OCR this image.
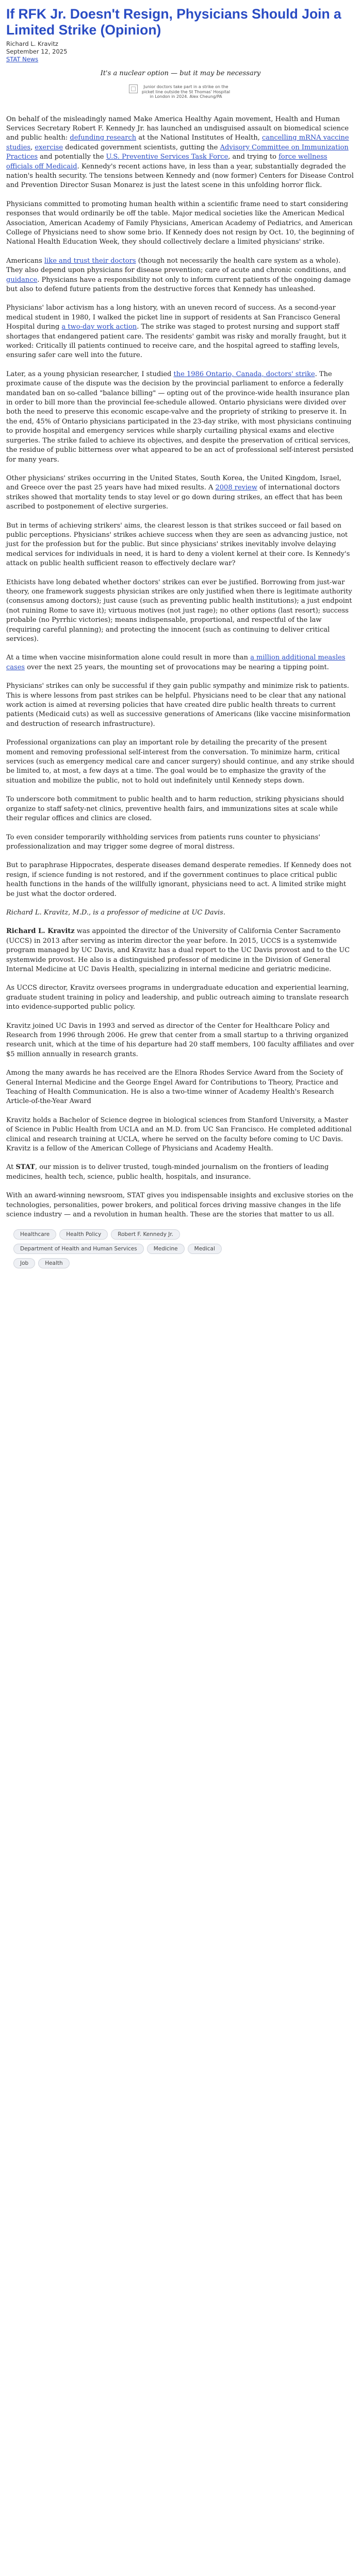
If RFK Jr. Doesn't Resign, Physicians Should Join a Limited Strike (Opinion)
Richard L. Kravitz
September 12, 2025
STAT News
It's a nuclear option — but it may be necessary
Junior doctors take part in a strike on the picket line outside the St Thomas' Hospital in London in 2024. Alex Cheung/PA

On behalf of the misleadingly named Make America Healthy Again movement, Health and Human Services Secretary Robert F. Kennedy Jr. has launched an undisguised assault on biomedical science and public health: defunding research at the National Institutes of Health, cancelling mRNA vaccine studies, exercise dedicated government scientists, gutting the Advisory Committee on Immunization Practices and potentially the U.S. Preventive Services Task Force, and trying to force wellness officials off Medicaid. Kennedy's recent actions have, in less than a year, substantially degraded the nation's health security. The tensions between Kennedy and (now former) Centers for Disease Control and Prevention Director Susan Monarez is just the latest scene in this unfolding horror flick.

Physicians committed to promoting human health within a scientific frame need to start considering responses that would ordinarily be off the table. Major medical societies like the American Medical Association, American Academy of Family Physicians, American Academy of Pediatrics, and American College of Physicians need to show some brio. If Kennedy does not resign by Oct. 10, the beginning of National Health Education Week, they should collectively declare a limited physicians' strike.

Americans like and trust their doctors (though not necessarily the health care system as a whole). They also depend upon physicians for disease prevention; care of acute and chronic conditions, and guidance. Physicians have a responsibility not only to inform current patients of the ongoing damage but also to defend future patients from the destructive forces that Kennedy has unleashed.

Physicians' labor activism has a long history, with an uneven record of success. As a second-year medical student in 1980, I walked the picket line in support of residents at San Francisco General Hospital during a two-day work action. The strike was staged to protest nursing and support staff shortages that endangered patient care. The residents' gambit was risky and morally fraught, but it worked: Critically ill patients continued to receive care, and the hospital agreed to staffing levels, ensuring safer care well into the future.

Later, as a young physician researcher, I studied the 1986 Ontario, Canada, doctors' strike. The proximate cause of the dispute was the decision by the provincial parliament to enforce a federally mandated ban on so-called "balance billing" — opting out of the province-wide health insurance plan in order to bill more than the provincial fee-schedule allowed. Ontario physicians were divided over both the need to preserve this economic escape-valve and the propriety of striking to preserve it. In the end, 45% of Ontario physicians participated in the 23-day strike, with most physicians continuing to provide hospital and emergency services while sharply curtailing physical exams and elective surgeries. The strike failed to achieve its objectives, and despite the preservation of critical services, the residue of public bitterness over what appeared to be an act of professional self-interest persisted for many years.

Other physicians' strikes occurring in the United States, South Korea, the United Kingdom, Israel, and Greece over the past 25 years have had mixed results. A 2008 review of international doctors strikes showed that mortality tends to stay level or go down during strikes, an effect that has been ascribed to postponement of elective surgeries.

But in terms of achieving strikers' aims, the clearest lesson is that strikes succeed or fail based on public perceptions. Physicians' strikes achieve success when they are seen as advancing justice, not just for the profession but for the public. But since physicians' strikes inevitably involve delaying medical services for individuals in need, it is hard to deny a violent kernel at their core. Is Kennedy's attack on public health sufficient reason to effectively declare war?

Ethicists have long debated whether doctors' strikes can ever be justified. Borrowing from just-war theory, one framework suggests physician strikes are only justified when there is legitimate authority (consensus among doctors); just cause (such as preventing public health institutions); a just endpoint (not ruining Rome to save it); virtuous motives (not just rage); no other options (last resort); success probable (no Pyrrhic victories); means indispensable, proportional, and respectful of the law (requiring careful planning); and protecting the innocent (such as continuing to deliver critical services).

At a time when vaccine misinformation alone could result in more than a million additional measles cases over the next 25 years, the mounting set of provocations may be nearing a tipping point.

Physicians' strikes can only be successful if they gain public sympathy and minimize risk to patients. This is where lessons from past strikes can be helpful. Physicians need to be clear that any national work action is aimed at reversing policies that have created dire public health threats to current patients (Medicaid cuts) as well as successive generations of Americans (like vaccine misinformation and destruction of research infrastructure).

Professional organizations can play an important role by detailing the precarity of the present moment and removing professional self-interest from the conversation. To minimize harm, critical services (such as emergency medical care and cancer surgery) should continue, and any strike should be limited to, at most, a few days at a time. The goal would be to emphasize the gravity of the situation and mobilize the public, not to hold out indefinitely until Kennedy steps down.

To underscore both commitment to public health and to harm reduction, striking physicians should organize to staff safety-net clinics, preventive health fairs, and immunizations sites at scale while their regular offices and clinics are closed.

To even consider temporarily withholding services from patients runs counter to physicians' professionalization and may trigger some degree of moral distress.

But to paraphrase Hippocrates, desperate diseases demand desperate remedies. If Kennedy does not resign, if science funding is not restored, and if the government continues to place critical public health functions in the hands of the willfully ignorant, physicians need to act. A limited strike might be just what the doctor ordered.

Richard L. Kravitz, M.D., is a professor of medicine at UC Davis.

Richard L. Kravitz was appointed the director of the University of California Center Sacramento (UCCS) in 2013 after serving as interim director the year before. In 2015, UCCS is a systemwide program managed by UC Davis, and Kravitz has a dual report to the UC Davis provost and to the UC systemwide provost. He also is a distinguished professor of medicine in the Division of General Internal Medicine at UC Davis Health, specializing in internal medicine and geriatric medicine.

As UCCS director, Kravitz oversees programs in undergraduate education and experiential learning, graduate student training in policy and leadership, and public outreach aiming to translate research into evidence-supported public policy.

Kravitz joined UC Davis in 1993 and served as director of the Center for Healthcare Policy and Research from 1996 through 2006. He grew that center from a small startup to a thriving organized research unit, which at the time of his departure had 20 staff members, 100 faculty affiliates and over $5 million annually in research grants.

Among the many awards he has received are the Elnora Rhodes Service Award from the Society of General Internal Medicine and the George Engel Award for Contributions to Theory, Practice and Teaching of Health Communication. He is also a two-time winner of Academy Health's Research Article-of-the-Year Award

Kravitz holds a Bachelor of Science degree in biological sciences from Stanford University, a Master of Science in Public Health from UCLA and an M.D. from UC San Francisco. He completed additional clinical and research training at UCLA, where he served on the faculty before coming to UC Davis. Kravitz is a fellow of the American College of Physicians and Academy Health.

At STAT, our mission is to deliver trusted, tough-minded journalism on the frontiers of leading medicines, health tech, science, public health, hospitals, and insurance.

With an award-winning newsroom, STAT gives you indispensable insights and exclusive stories on the technologies, personalities, power brokers, and political forces driving massive changes in the life science industry — and a revolution in human health. These are the stories that matter to us all.

Healthcare	Health Policy	Robert F. Kennedy Jr.
Department of Health and Human Services	Medicine	Medical
Job	Health
